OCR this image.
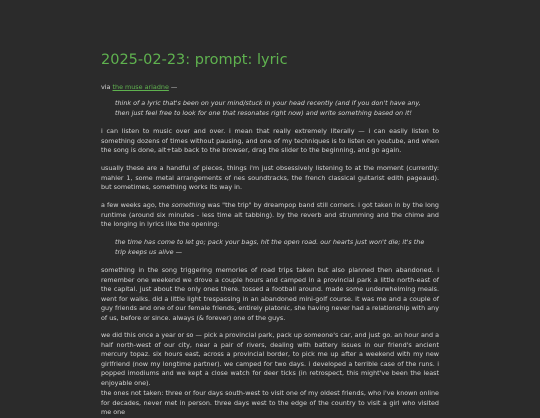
2025-02-23: prompt: lyric

via the muse ariadne —

think of a lyric that's been on your mind/stuck in your head recently (and if you don't have any, then just feel free to look for one that resonates right now) and write something based on it!

i can listen to music over and over. i mean that really extremely literally — i can easily listen to something dozens of times without pausing, and one of my techniques is to listen on youtube, and when the song is done, alt+tab back to the browser, drag the slider to the beginning, and go again.

usually these are a handful of pieces, things i'm just obsessively listening to at the moment (currently: mahler 1, some metal arrangements of nes soundtracks, the french classical guitarist edith pageaud). but sometimes, something works its way in.

a few weeks ago, the something was "the trip" by dreampop band still corners. i got taken in by the long runtime (around six minutes - less time alt tabbing). by the reverb and strumming and the chime and the longing in lyrics like the opening:

the time has come to let go; pack your bags, hit the open road. our hearts just won't die; it's the trip keeps us alive —

something in the song triggering memories of road trips taken but also planned then abandoned. i remember one weekend we drove a couple hours and camped in a provincial park a little north-east of the capital. just about the only ones there. tossed a football around. made some underwhelming meals. went for walks. did a little light trespassing in an abandoned mini-golf course. it was me and a couple of guy friends and one of our female friends, entirely platonic, she having never had a relationship with any of us, before or since. always (& forever) one of the guys.

we did this once a year or so — pick a provincial park, pack up someone's car, and just go. an hour and a half north-west of our city, near a pair of rivers, dealing with battery issues in our friend's ancient mercury topaz. six hours east, across a provincial border, to pick me up after a weekend with my new girlfriend (now my longtime partner). we camped for two days. i developed a terrible case of the runs. i popped imodiums and we kept a close watch for deer ticks (in retrospect, this might've been the least enjoyable one).

the ones not taken: three or four days south-west to visit one of my oldest friends, who i've known online for decades, never met in person. three days west to the edge of the country to visit a girl who visited me one
